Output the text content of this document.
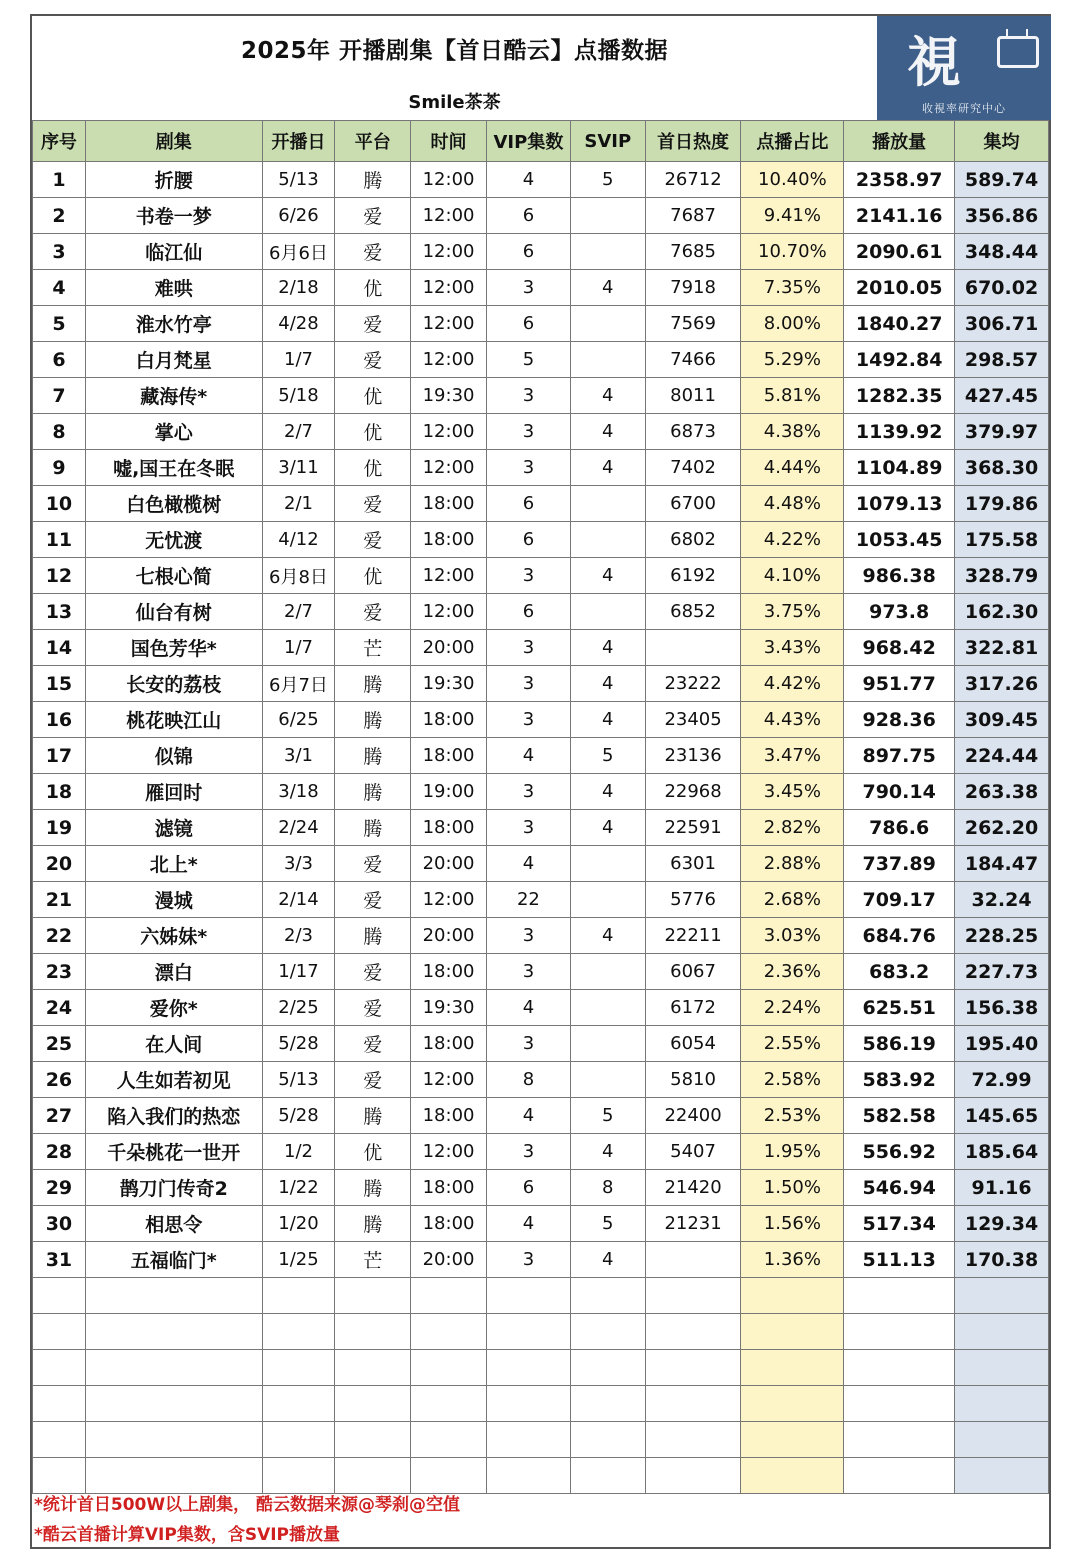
2025年 开播剧集【首日酷云】点播数据
Smile茶茶
視
收視率研究中心
序号	剧集	开播日	平台	时间	VIP集数	SVIP	首日热度	点播占比	播放量	集均
1	折腰	5/13	腾	12:00	4	5	26712	10.40%	2358.97	589.74
2	书卷一梦	6/26	爱	12:00	6		7687	9.41%	2141.16	356.86
3	临江仙	6月6日	爱	12:00	6		7685	10.70%	2090.61	348.44
4	难哄	2/18	优	12:00	3	4	7918	7.35%	2010.05	670.02
5	淮水竹亭	4/28	爱	12:00	6		7569	8.00%	1840.27	306.71
6	白月梵星	1/7	爱	12:00	5		7466	5.29%	1492.84	298.57
7	藏海传*	5/18	优	19:30	3	4	8011	5.81%	1282.35	427.45
8	掌心	2/7	优	12:00	3	4	6873	4.38%	1139.92	379.97
9	嘘,国王在冬眠	3/11	优	12:00	3	4	7402	4.44%	1104.89	368.30
10	白色橄榄树	2/1	爱	18:00	6		6700	4.48%	1079.13	179.86
11	无忧渡	4/12	爱	18:00	6		6802	4.22%	1053.45	175.58
12	七根心简	6月8日	优	12:00	3	4	6192	4.10%	986.38	328.79
13	仙台有树	2/7	爱	12:00	6		6852	3.75%	973.8	162.30
14	国色芳华*	1/7	芒	20:00	3	4		3.43%	968.42	322.81
15	长安的荔枝	6月7日	腾	19:30	3	4	23222	4.42%	951.77	317.26
16	桃花映江山	6/25	腾	18:00	3	4	23405	4.43%	928.36	309.45
17	似锦	3/1	腾	18:00	4	5	23136	3.47%	897.75	224.44
18	雁回时	3/18	腾	19:00	3	4	22968	3.45%	790.14	263.38
19	滤镜	2/24	腾	18:00	3	4	22591	2.82%	786.6	262.20
20	北上*	3/3	爱	20:00	4		6301	2.88%	737.89	184.47
21	漫城	2/14	爱	12:00	22		5776	2.68%	709.17	32.24
22	六姊妹*	2/3	腾	20:00	3	4	22211	3.03%	684.76	228.25
23	漂白	1/17	爱	18:00	3		6067	2.36%	683.2	227.73
24	爱你*	2/25	爱	19:30	4		6172	2.24%	625.51	156.38
25	在人间	5/28	爱	18:00	3		6054	2.55%	586.19	195.40
26	人生如若初见	5/13	爱	12:00	8		5810	2.58%	583.92	72.99
27	陷入我们的热恋	5/28	腾	18:00	4	5	22400	2.53%	582.58	145.65
28	千朵桃花一世开	1/2	优	12:00	3	4	5407	1.95%	556.92	185.64
29	鹊刀门传奇2	1/22	腾	18:00	6	8	21420	1.50%	546.94	91.16
30	相思令	1/20	腾	18:00	4	5	21231	1.56%	517.34	129.34
31	五福临门*	1/25	芒	20:00	3	4		1.36%	511.13	170.38

*统计首日500W以上剧集， 酷云数据来源@琴刹@空值
*酷云首播计算VIP集数，含SVIP播放量
